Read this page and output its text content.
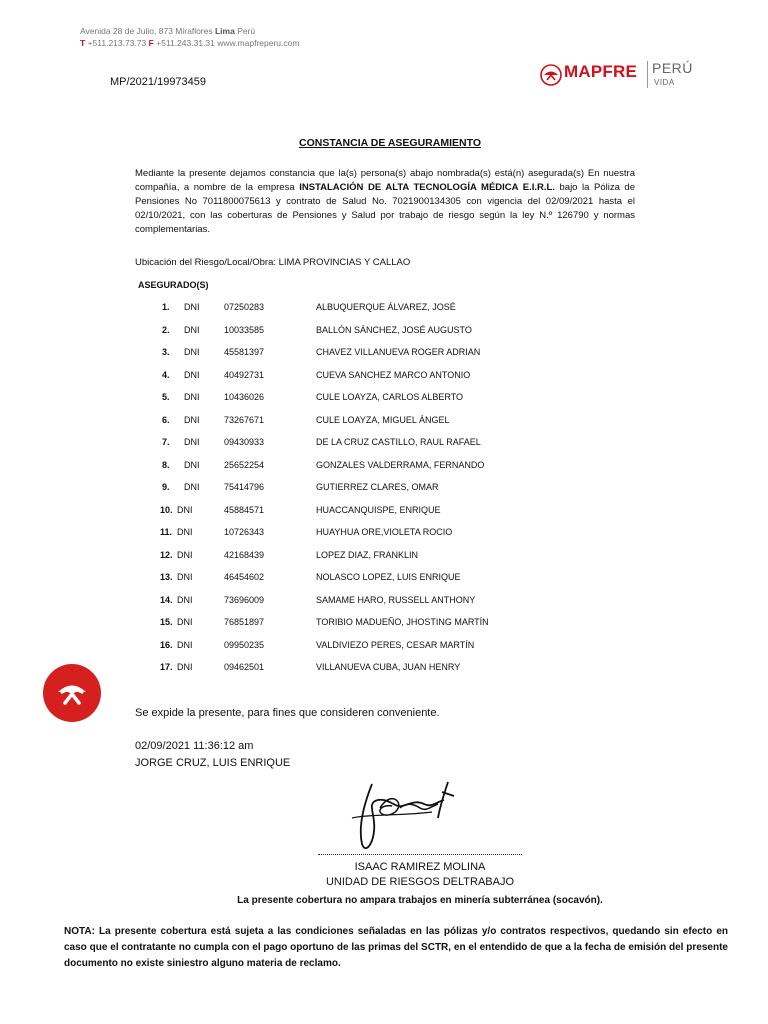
Avenida 28 de Julio, 873 Miraflores Lima Perú
T +511.213.73.73 F +511.243.31.31 www.mapfreperu.com
MP/2021/19973459
MAPFRE PERÚ
VIDA
CONSTANCIA DE ASEGURAMIENTO
Mediante la presente dejamos constancia que la(s) persona(s) abajo nombrada(s) está(n) asegurada(s) En nuestra compañía, a nombre de la empresa INSTALACIÓN DE ALTA TECNOLOGÍA MÉDICA E.I.R.L. bajo la Póliza de Pensiones No 7011800075613 y contrato de Salud No. 7021900134305 con vigencia del 02/09/2021 hasta el 02/10/2021, con las coberturas de Pensiones y Salud por trabajo de riesgo según la ley N.º 126790 y normas complementarias.
Ubicación del Riesgo/Local/Obra: LIMA PROVINCIAS Y CALLAO
ASEGURADO(S)
1. DNI	07250283	ALBUQUERQUE ÁLVAREZ, JOSÉ
2. DNI	10033585	BALLÓN SÁNCHEZ, JOSÉ AUGUSTO
3. DNI	45581397	CHAVEZ VILLANUEVA ROGER ADRIAN
4. DNI	40492731	CUEVA SANCHEZ MARCO ANTONIO
5. DNI	10436026	CULE LOAYZA, CARLOS ALBERTO
6. DNI	73267671	CULE LOAYZA, MIGUEL ÁNGEL
7. DNI	09430933	DE LA CRUZ CASTILLO, RAUL RAFAEL
8. DNI	25652254	GONZALES VALDERRAMA, FERNANDO
9. DNI	75414796	GUTIERREZ CLARES, OMAR
10. DNI	45884571	HUACCANQUISPE, ENRIQUE
11. DNI	10726343	HUAYHUA ORE,VIOLETA ROCIO
12. DNI	42168439	LOPEZ DIAZ, FRANKLIN
13. DNI	46454602	NOLASCO LOPEZ, LUIS ENRIQUE
14. DNI	73696009	SAMAME HARO, RUSSELL ANTHONY
15. DNI	76851897	TORIBIO MADUEÑO, JHOSTING MARTÍN
16. DNI	09950235	VALDIVIEZO PERES, CESAR MARTÍN
17. DNI	09462501	VILLANUEVA CUBA, JUAN HENRY
Se expide la presente, para fines que consideren conveniente.
02/09/2021 11:36:12 am
JORGE CRUZ, LUIS ENRIQUE
ISAAC RAMIREZ MOLINA
UNIDAD DE RIESGOS DELTRABAJO
La presente cobertura no ampara trabajos en minería subterránea (socavón).
NOTA: La presente cobertura está sujeta a las condiciones señaladas en las pólizas y/o contratos respectivos, quedando sin efecto en caso que el contratante no cumpla con el pago oportuno de las primas del SCTR, en el entendido de que a la fecha de emisión del presente documento no existe siniestro alguno materia de reclamo.
